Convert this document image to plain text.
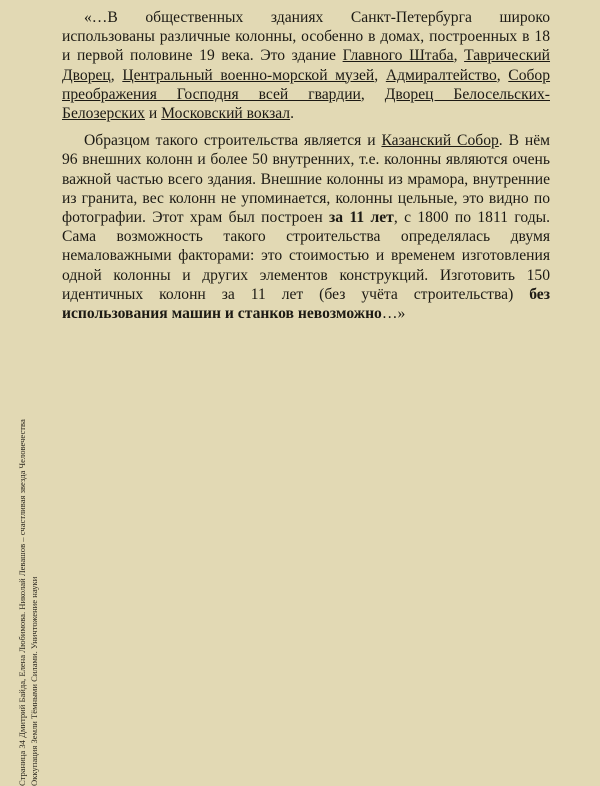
Страница 34 Дмитрий Байда, Елена Любимова. Николай Левашов – счастливая звезда Человечества Оккупация Земли Тёмными Силами. Уничтожение науки

«…В общественных зданиях Санкт-Петербурга широко использованы различные колонны, особенно в домах, построенных в 18 и первой половине 19 века. Это здание Главного Штаба, Таврический Дворец, Центральный военно-морской музей, Адмиралтейство, Собор преображения Господня всей гвардии, Дворец Белосельских-Белозерских и Московский вокзал.

Образцом такого строительства является и Казанский Собор. В нём 96 внешних колонн и более 50 внутренних, т.е. колонны являются очень важной частью всего здания. Внешние колонны из мрамора, внутренние из гранита, вес колонн не упоминается, колонны цельные, это видно по фотографии. Этот храм был построен за 11 лет, с 1800 по 1811 годы. Сама возможность такого строительства определялась двумя немаловажными факторами: это стоимостью и временем изготовления одной колонны и других элементов конструкций. Изготовить 150 идентичных колонн за 11 лет (без учёта строительства) без использования машин и станков невозможно…»
